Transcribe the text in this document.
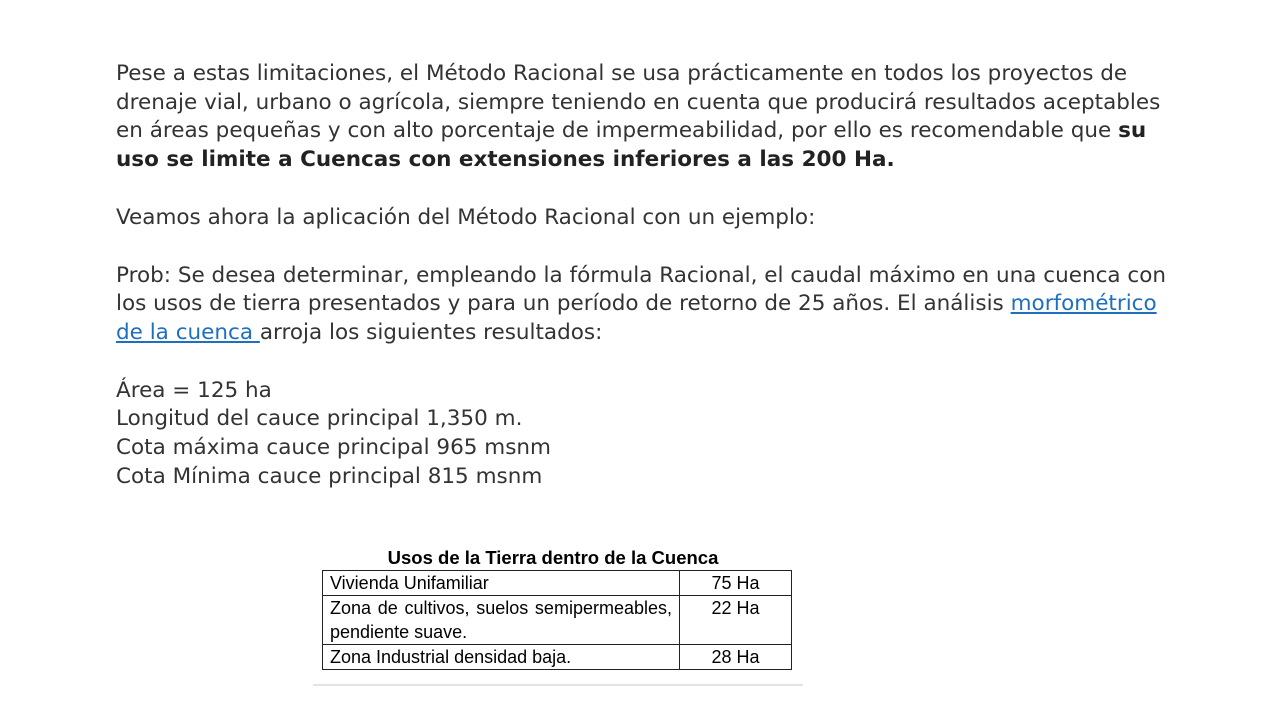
Pese a estas limitaciones, el Método Racional se usa prácticamente en todos los proyectos de drenaje vial, urbano o agrícola, siempre teniendo en cuenta que producirá resultados aceptables en áreas pequeñas y con alto porcentaje de impermeabilidad, por ello es recomendable que su uso se limite a Cuencas con extensiones inferiores a las 200 Ha.

Veamos ahora la aplicación del Método Racional con un ejemplo:

Prob: Se desea determinar, empleando la fórmula Racional, el caudal máximo en una cuenca con los usos de tierra presentados y para un período de retorno de 25 años. El análisis morfométrico de la cuenca arroja los siguientes resultados:

Área = 125 ha

Longitud del cauce principal 1,350 m.

Cota máxima cauce principal 965 msnm

Cota Mínima cauce principal 815 msnm

Usos de la Tierra dentro de la Cuenca
Vivienda Unifamiliar	75 Ha
Zona de cultivos, suelos semipermeables, pendiente suave.	22 Ha
Zona Industrial densidad baja.	28 Ha
